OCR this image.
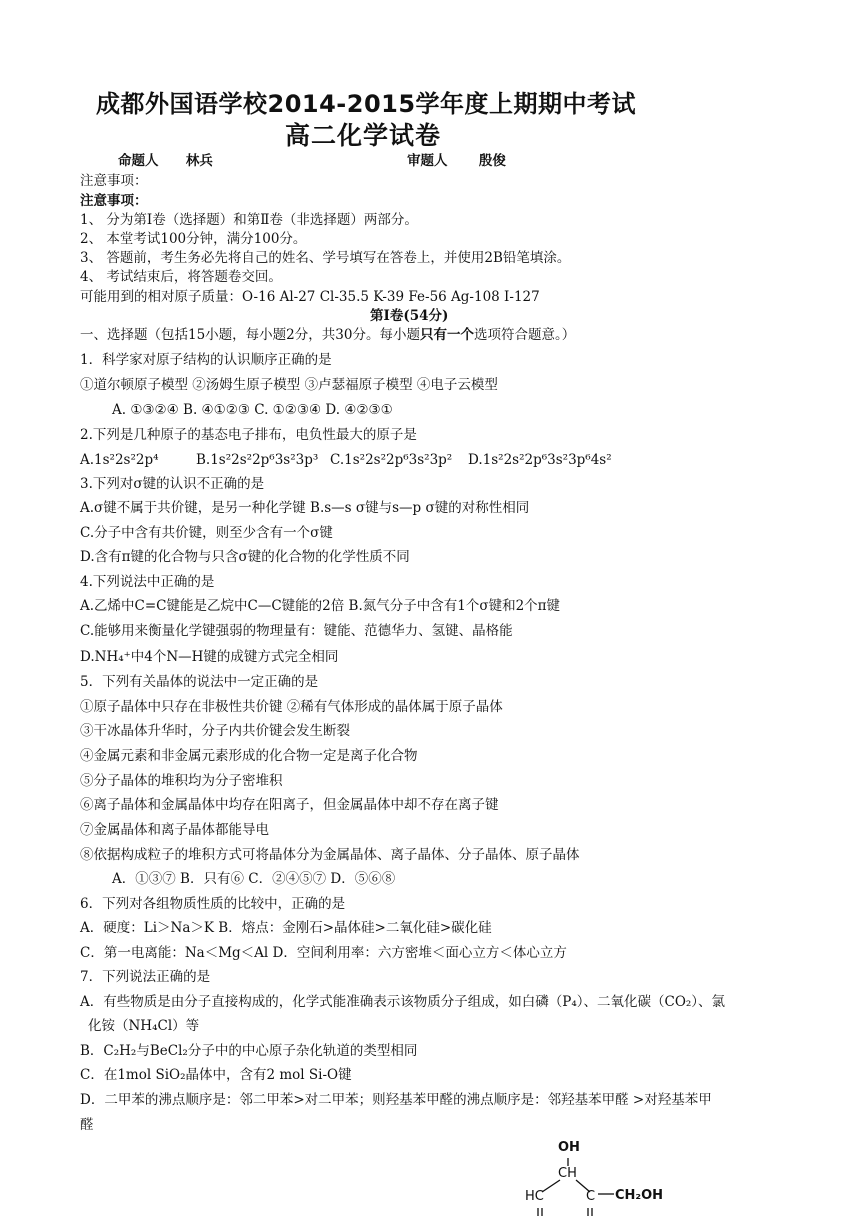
成都外国语学校2014-2015学年度上期期中考试
高二化学试卷
命题人 林兵	审题人 殷俊
注意事项：
注意事项：
1、 分为第Ⅰ卷（选择题）和第Ⅱ卷（非选择题）两部分。
2、 本堂考试100分钟，满分100分。
3、 答题前，考生务必先将自己的姓名、学号填写在答卷上，并使用2B铅笔填涂。
4、 考试结束后，将答题卷交回。
可能用到的相对原子质量：O-16 Al-27 Cl-35.5 K-39 Fe-56 Ag-108 I-127
第Ⅰ卷(54分)
一、选择题（包括15小题，每小题2分，共30分。每小题只有一个选项符合题意。）
1．科学家对原子结构的认识顺序正确的是
①道尔顿原子模型 ②汤姆生原子模型 ③卢瑟福原子模型 ④电子云模型
A. ①③②④ B. ④①②③ C. ①②③④ D. ④②③①
2.下列是几种原子的基态电子排布，电负性最大的原子是
A.1s²2s²2p⁴	B.1s²2s²2p⁶3s²3p³ C.1s²2s²2p⁶3s²3p² D.1s²2s²2p⁶3s²3p⁶4s²
3.下列对σ键的认识不正确的是
A.σ键不属于共价键，是另一种化学键 B.s—s σ键与s—p σ键的对称性相同
C.分子中含有共价键，则至少含有一个σ键
D.含有π键的化合物与只含σ键的化合物的化学性质不同
4.下列说法中正确的是
A.乙烯中C=C键能是乙烷中C—C键能的2倍 B.氮气分子中含有1个σ键和2个π键
C.能够用来衡量化学键强弱的物理量有：键能、范德华力、氢键、晶格能
D.NH₄⁺中4个N—H键的成键方式完全相同
5．下列有关晶体的说法中一定正确的是
①原子晶体中只存在非极性共价键 ②稀有气体形成的晶体属于原子晶体
③干冰晶体升华时，分子内共价键会发生断裂
④金属元素和非金属元素形成的化合物一定是离子化合物
⑤分子晶体的堆积均为分子密堆积
⑥离子晶体和金属晶体中均存在阳离子，但金属晶体中却不存在离子键
⑦金属晶体和离子晶体都能导电
⑧依据构成粒子的堆积方式可将晶体分为金属晶体、离子晶体、分子晶体、原子晶体
A．①③⑦ B．只有⑥ C．②④⑤⑦ D．⑤⑥⑧
6．下列对各组物质性质的比较中，正确的是
A．硬度：Li＞Na＞K B．熔点：金刚石>晶体硅>二氧化硅>碳化硅
C．第一电离能：Na＜Mg＜Al D．空间利用率：六方密堆＜面心立方＜体心立方
7．下列说法正确的是
A．有些物质是由分子直接构成的，化学式能准确表示该物质分子组成，如白磷（P₄）、二氧化碳（CO₂）、氯
化铵（NH₄Cl）等
B．C₂H₂与BeCl₂分子中的中心原子杂化轨道的类型相同
C．在1mol SiO₂晶体中，含有2 mol Si-O键
D．二甲苯的沸点顺序是：邻二甲苯>对二甲苯；则羟基苯甲醛的沸点顺序是：邻羟基苯甲醛 >对羟基苯甲
醛
OH
CH
HC	C CH₂OH
